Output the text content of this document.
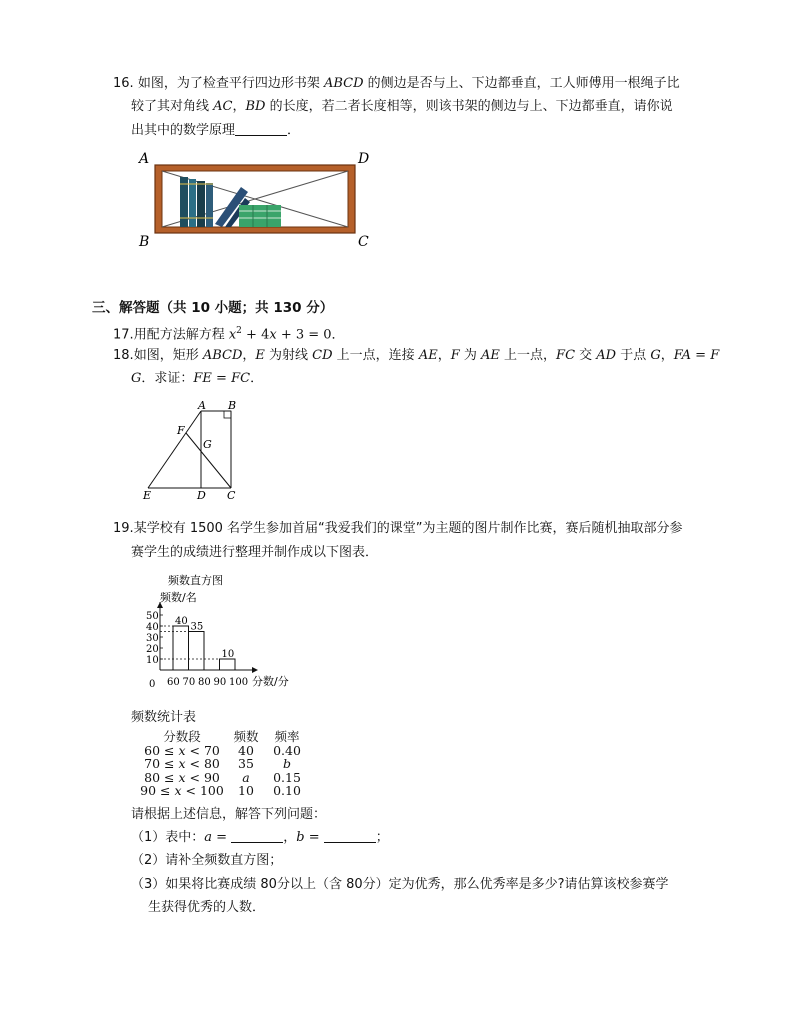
16. 如图，为了检查平行四边形书架 ABCD 的侧边是否与上、下边都垂直，工人师傅用一根绳子比
较了其对角线 AC，BD 的长度，若二者长度相等，则该书架的侧边与上、下边都垂直，请你说
出其中的数学原理	．
A	D
B	C
三、解答题（共 10 小题；共 130 分）
17.用配方法解方程 $x^2 + 4x + 3 = 0$．
18.如图，矩形 ABCD，E 为射线 CD 上一点，连接 AE，F 为 AE 上一点，FC 交 AD 于点 G，FA = F
G．求证：FE = FC．
A B
F
G
E	D C
19.某学校有 1500 名学生参加首届“我爱我们的课堂”为主题的图片制作比赛，赛后随机抽取部分参
赛学生的成绩进行整理并制作成以下图表．
频数直方图
频数/名
分数/分
0
10
20
30
40
50 40 35
10
60 70 80 90 100
频数统计表
分数段	频数	频率
60 ≤ x < 70	40	0.40
70 ≤ x < 80	35	b
80 ≤ x < 90	a	0.15
90 ≤ x < 100	10	0.10
请根据上述信息，解答下列问题：
（1）表中：a =	，b =	；
（2）请补全频数直方图；
（3）如果将比赛成绩 80分以上（含 80分）定为优秀，那么优秀率是多少?请估算该校参赛学
生获得优秀的人数．
